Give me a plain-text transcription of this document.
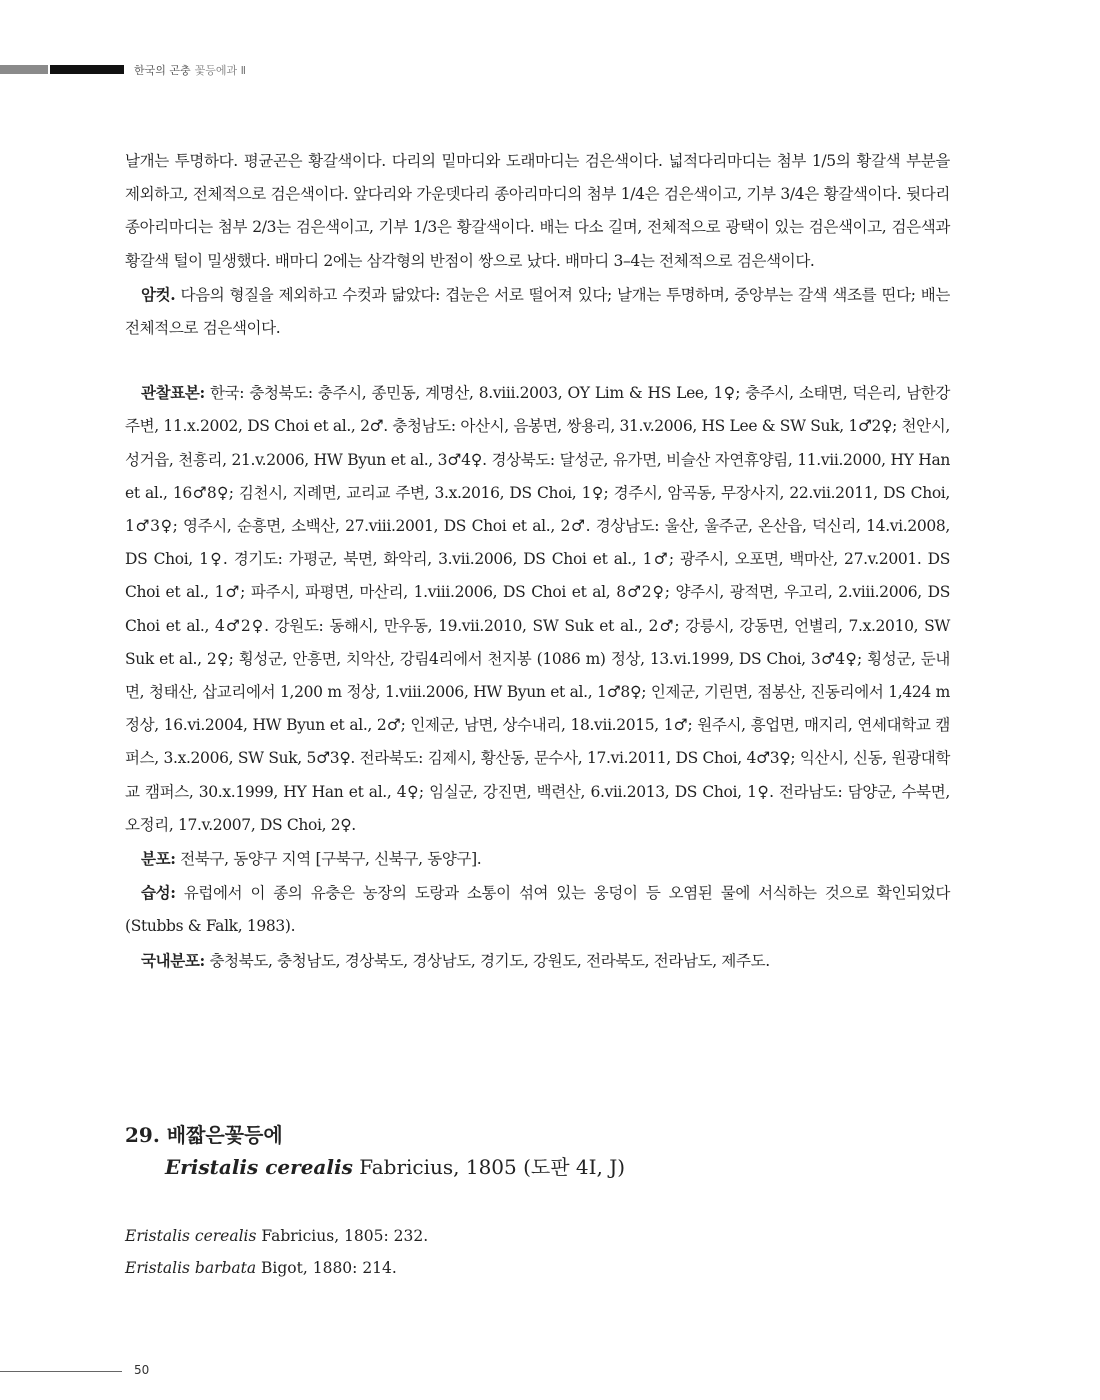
한국의 곤충 꽃등에과 Ⅱ

날개는 투명하다. 평균곤은 황갈색이다. 다리의 밑마디와 도래마디는 검은색이다. 넓적다리마디는 첨부 1/5의 황갈색 부분을 제외하고, 전체적으로 검은색이다. 앞다리와 가운뎃다리 종아리마디의 첨부 1/4은 검은색이고, 기부 3/4은 황갈색이다. 뒷다리 종아리마디는 첨부 2/3는 검은색이고, 기부 1/3은 황갈색이다. 배는 다소 길며, 전체적으로 광택이 있는 검은색이고, 검은색과 황갈색 털이 밀생했다. 배마디 2에는 삼각형의 반점이 쌍으로 났다. 배마디 3–4는 전체적으로 검은색이다.

암컷. 다음의 형질을 제외하고 수컷과 닮았다: 겹눈은 서로 떨어져 있다; 날개는 투명하며, 중앙부는 갈색 색조를 띤다; 배는 전체적으로 검은색이다.

관찰표본: 한국: 충청북도: 충주시, 종민동, 계명산, 8.viii.2003, OY Lim & HS Lee, 1♀; 충주시, 소태면, 덕은리, 남한강 주변, 11.x.2002, DS Choi et al., 2♂. 충청남도: 아산시, 음봉면, 쌍용리, 31.v.2006, HS Lee & SW Suk, 1♂2♀; 천안시, 성거읍, 천흥리, 21.v.2006, HW Byun et al., 3♂4♀. 경상북도: 달성군, 유가면, 비슬산 자연휴양림, 11.vii.2000, HY Han et al., 16♂8♀; 김천시, 지례면, 교리교 주변, 3.x.2016, DS Choi, 1♀; 경주시, 암곡동, 무장사지, 22.vii.2011, DS Choi, 1♂3♀; 영주시, 순흥면, 소백산, 27.viii.2001, DS Choi et al., 2♂. 경상남도: 울산, 울주군, 온산읍, 덕신리, 14.vi.2008, DS Choi, 1♀. 경기도: 가평군, 북면, 화악리, 3.vii.2006, DS Choi et al., 1♂; 광주시, 오포면, 백마산, 27.v.2001. DS Choi et al., 1♂; 파주시, 파평면, 마산리, 1.viii.2006, DS Choi et al, 8♂2♀; 양주시, 광적면, 우고리, 2.viii.2006, DS Choi et al., 4♂2♀. 강원도: 동해시, 만우동, 19.vii.2010, SW Suk et al., 2♂; 강릉시, 강동면, 언별리, 7.x.2010, SW Suk et al., 2♀; 횡성군, 안흥면, 치악산, 강림4리에서 천지봉 (1086 m) 정상, 13.vi.1999, DS Choi, 3♂4♀; 횡성군, 둔내면, 청태산, 삽교리에서 1,200 m 정상, 1.viii.2006, HW Byun et al., 1♂8♀; 인제군, 기린면, 점봉산, 진동리에서 1,424 m 정상, 16.vi.2004, HW Byun et al., 2♂; 인제군, 남면, 상수내리, 18.vii.2015, 1♂; 원주시, 흥업면, 매지리, 연세대학교 캠퍼스, 3.x.2006, SW Suk, 5♂3♀. 전라북도: 김제시, 황산동, 문수사, 17.vi.2011, DS Choi, 4♂3♀; 익산시, 신동, 원광대학교 캠퍼스, 30.x.1999, HY Han et al., 4♀; 임실군, 강진면, 백련산, 6.vii.2013, DS Choi, 1♀. 전라남도: 담양군, 수북면, 오정리, 17.v.2007, DS Choi, 2♀.

분포: 전북구, 동양구 지역 [구북구, 신북구, 동양구].

습성: 유럽에서 이 종의 유충은 농장의 도랑과 소통이 섞여 있는 웅덩이 등 오염된 물에 서식하는 것으로 확인되었다 (Stubbs & Falk, 1983).

국내분포: 충청북도, 충청남도, 경상북도, 경상남도, 경기도, 강원도, 전라북도, 전라남도, 제주도.

29. 배짧은꽃등에
Eristalis cerealis Fabricius, 1805 (도판 4I, J)
Eristalis cerealis Fabricius, 1805: 232.
Eristalis barbata Bigot, 1880: 214.
50
